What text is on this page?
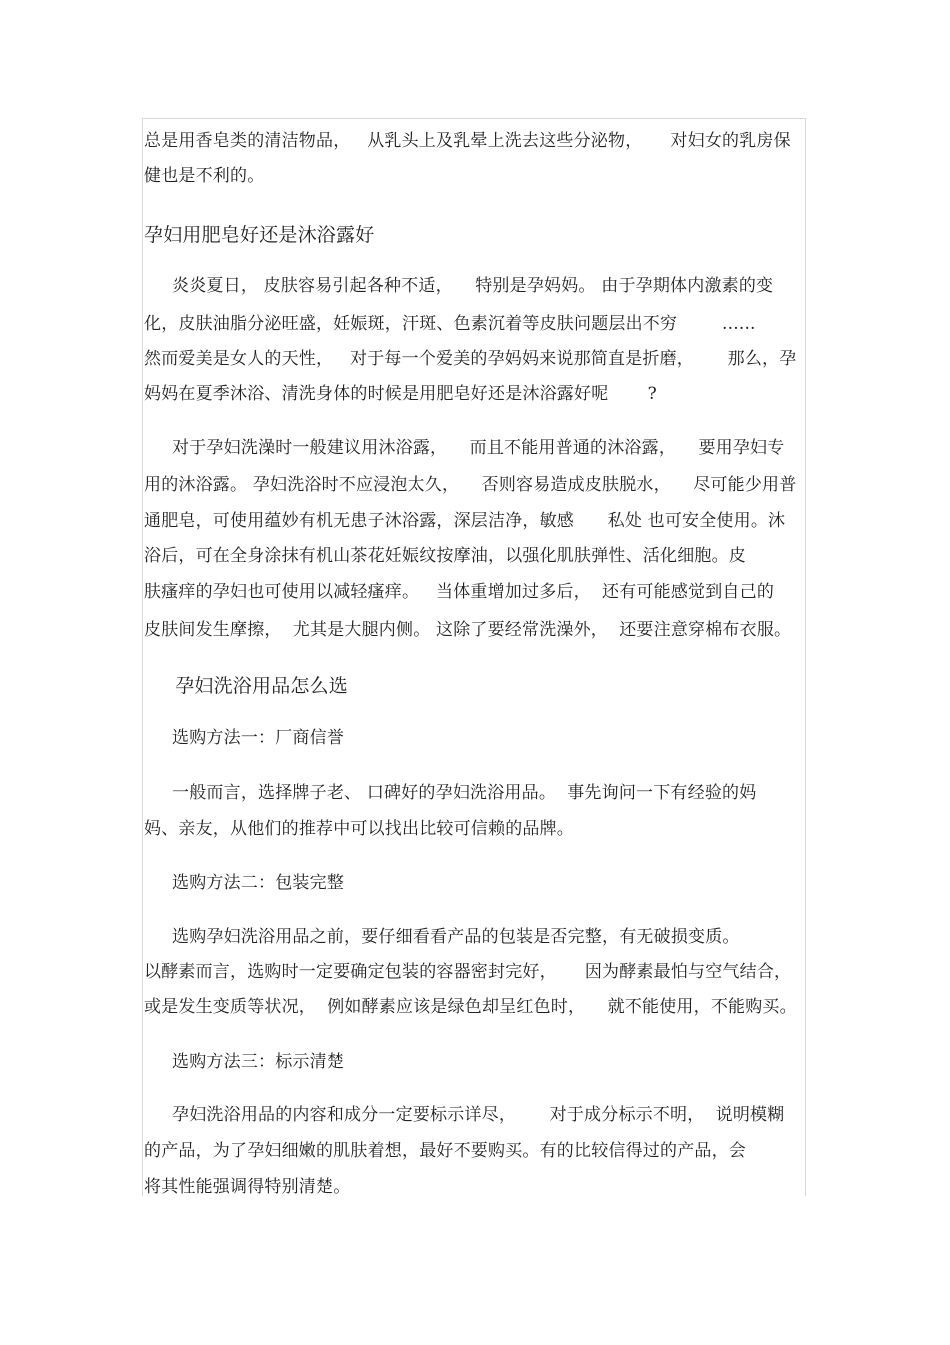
总是用香皂类的清洁物品，   从乳头上及乳晕上洗去这些分泌物，     对妇女的乳房保

健也是不利的。

孕妇用肥皂好还是沐浴露好

炎炎夏日， 皮肤容易引起各种不适，    特别是孕妈妈。 由于孕期体内激素的变

化，皮肤油脂分泌旺盛，妊娠斑，汗斑、色素沉着等皮肤问题层出不穷        ......

然而爱美是女人的天性，   对于每一个爱美的孕妈妈来说那简直是折磨，      那么，孕

妈妈在夏季沐浴、清洗身体的时候是用肥皂好还是沐浴露好呢       ?

对于孕妇洗澡时一般建议用沐浴露，    而且不能用普通的沐浴露，    要用孕妇专

用的沐浴露。 孕妇洗浴时不应浸泡太久，    否则容易造成皮肤脱水，    尽可能少用普

通肥皂，可使用蕴妙有机无患子沐浴露，深层洁净，敏感      私处 也可安全使用。沐

浴后，可在全身涂抹有机山茶花妊娠纹按摩油，以强化肌肤弹性、活化细胞。皮

肤瘙痒的孕妇也可使用以减轻瘙痒。   当体重增加过多后，  还有可能感觉到自己的

皮肤间发生摩擦，  尤其是大腿内侧。 这除了要经常洗澡外，  还要注意穿棉布衣服。

孕妇洗浴用品怎么选

选购方法一：厂商信誉

一般而言，选择牌子老、 口碑好的孕妇洗浴用品。  事先询问一下有经验的妈

妈、亲友，从他们的推荐中可以找出比较可信赖的品牌。

选购方法二：包装完整

选购孕妇洗浴用品之前，要仔细看看产品的包装是否完整，有无破损变质。

以酵素而言，选购时一定要确定包装的容器密封完好，     因为酵素最怕与空气结合，

或是发生变质等状况，  例如酵素应该是绿色却呈红色时，    就不能使用，不能购买。

选购方法三：标示清楚

孕妇洗浴用品的内容和成分一定要标示详尽，      对于成分标示不明，  说明模糊

的产品，为了孕妇细嫩的肌肤着想，最好不要购买。有的比较信得过的产品，会

将其性能强调得特别清楚。
